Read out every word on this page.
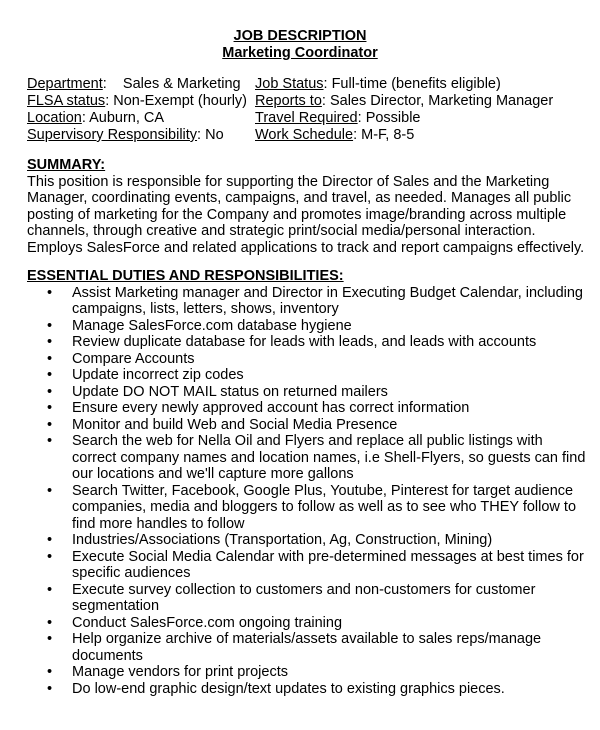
JOB DESCRIPTION
Marketing Coordinator
Department:    Sales & Marketing Job Status: Full-time (benefits eligible)
FLSA status: Non-Exempt (hourly) Reports to: Sales Director, Marketing Manager
Location: Auburn, CA	Travel Required: Possible
Supervisory Responsibility: No	Work Schedule: M-F, 8-5
SUMMARY:

This position is responsible for supporting the Director of Sales and the Marketing Manager, coordinating events, campaigns, and travel, as needed. Manages all public posting of marketing for the Company and promotes image/branding across multiple channels, through creative and strategic print/social media/personal interaction. Employs SalesForce and related applications to track and report campaigns effectively.

ESSENTIAL DUTIES AND RESPONSIBILITIES:
• Assist Marketing manager and Director in Executing Budget Calendar, including campaigns, lists, letters, shows, inventory
• Manage SalesForce.com database hygiene
• Review duplicate database for leads with leads, and leads with accounts
• Compare Accounts
• Update incorrect zip codes
• Update DO NOT MAIL status on returned mailers
• Ensure every newly approved account has correct information
• Monitor and build Web and Social Media Presence
• Search the web for Nella Oil and Flyers and replace all public listings with correct company names and location names, i.e Shell-Flyers, so guests can find our locations and we'll capture more gallons
• Search Twitter, Facebook, Google Plus, Youtube, Pinterest for target audience companies, media and bloggers to follow as well as to see who THEY follow to find more handles to follow
• Industries/Associations (Transportation, Ag, Construction, Mining)
• Execute Social Media Calendar with pre-determined messages at best times for specific audiences
• Execute survey collection to customers and non-customers for customer segmentation
• Conduct SalesForce.com ongoing training
• Help organize archive of materials/assets available to sales reps/manage documents
• Manage vendors for print projects
• Do low-end graphic design/text updates to existing graphics pieces.
